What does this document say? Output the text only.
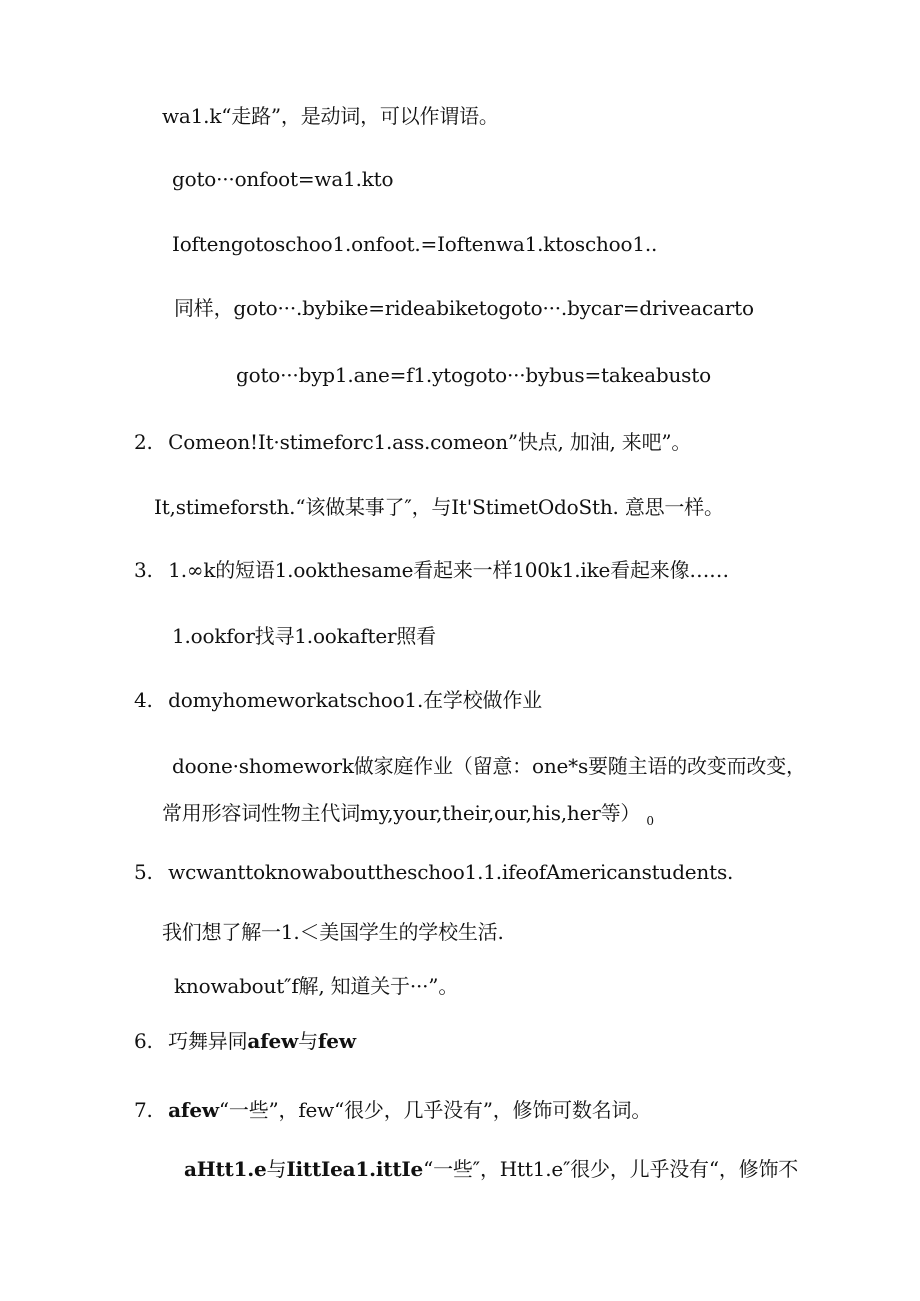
wa1.k“走路”，是动词，可以作谓语。
goto···onfoot=wa1.kto
Ioftengotoschoo1.onfoot.=Ioftenwa1.ktoschoo1..
同样，goto···.bybike=rideabiketogoto···.bycar=driveacarto
goto···byp1.ane=f1.ytogoto···bybus=takeabusto
2. Comeon!It·stimeforc1.ass.comeon”快点, 加油, 来吧”。
It,stimeforsth.“该做某事了″，与It'StimetOdoSth. 意思一样。
3. 1.∞k的短语1.ookthesame看起来一样100k1.ike看起来像……
1.ookfor找寻1.ookafter照看
4. domyhomeworkatschoo1.在学校做作业
doone·shomework做家庭作业（留意：one*s要随主语的改变而改变，
常用形容词性物主代词my,your,their,our,his,her等） $_0$
5. wcwanttoknowabouttheschoo1.1.ifeofAmericanstudents.
我们想了解一1.＜美国学生的学校生活.
knowabout″f解, 知道关于···”。
6. 巧舞异同afew与few
7. afew“一些”，few“很少，几乎没有”，修饰可数名词。
aHtt1.e与IittIea1.ittIe“一些″，Htt1.e″很少，儿乎没有“，修饰不
